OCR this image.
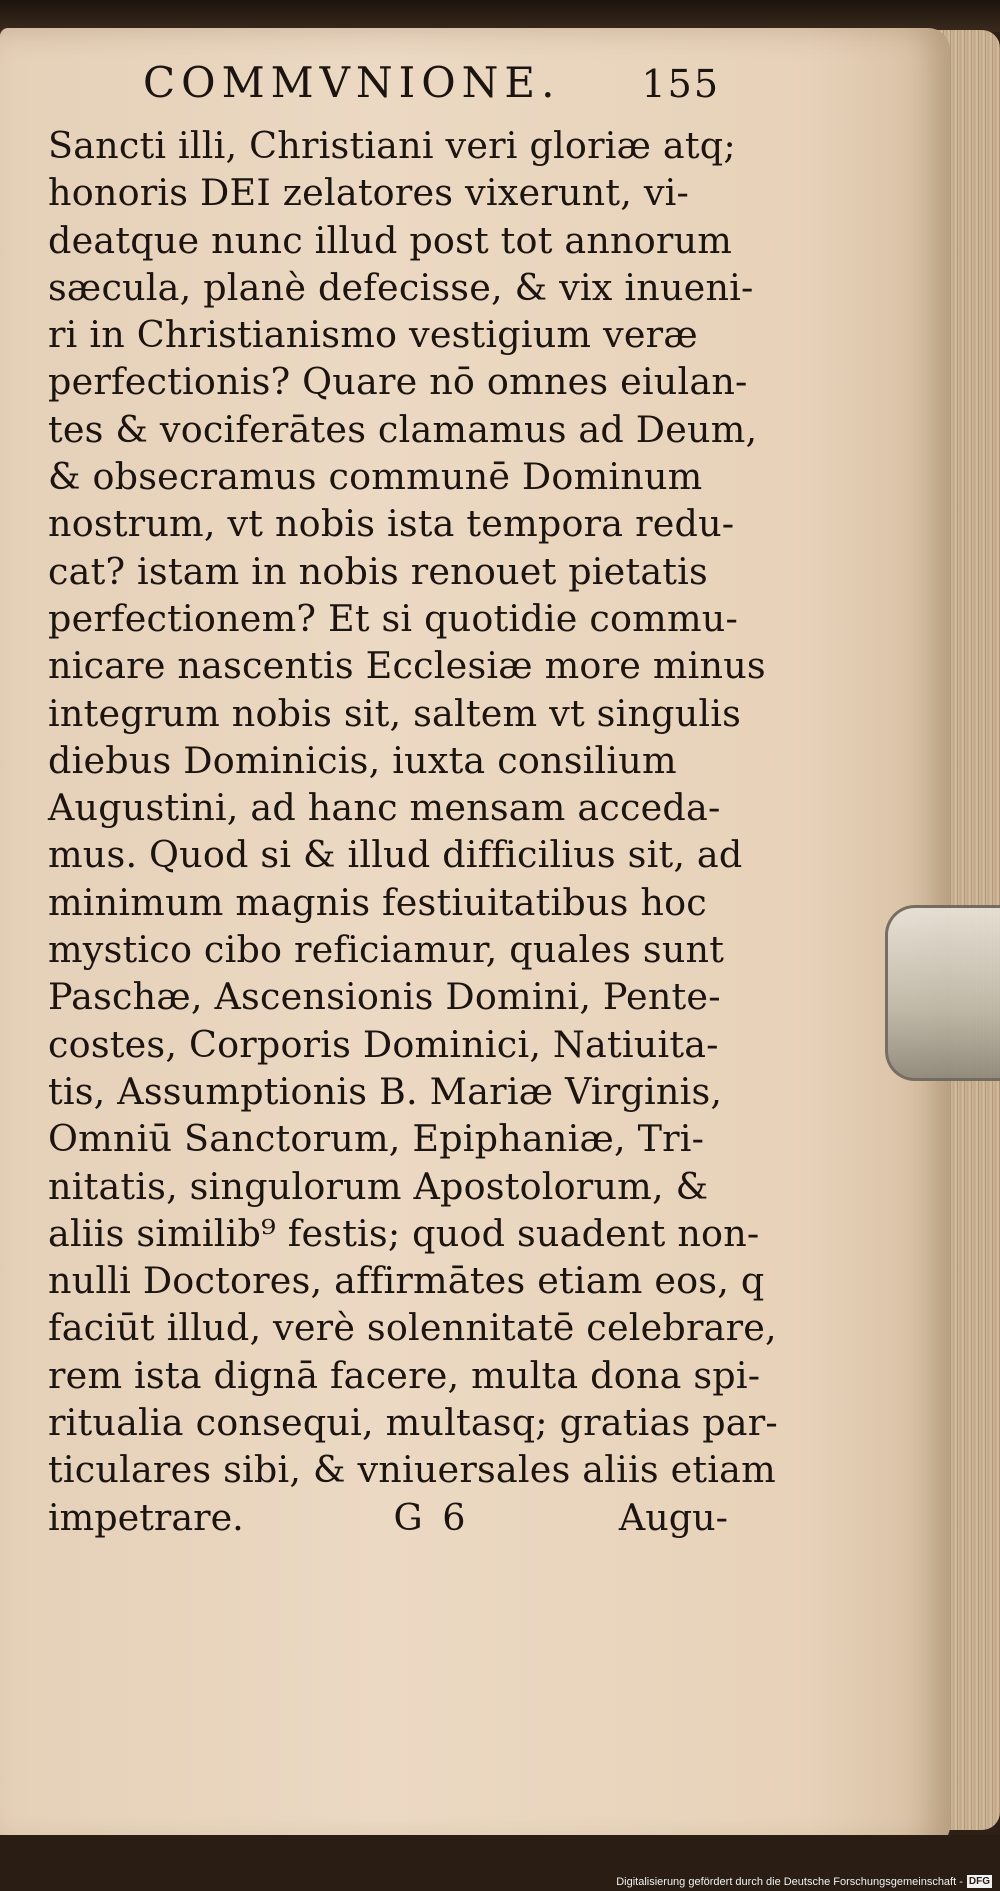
COMMVNIONE. 155
Sancti illi, Christiani veri gloriæ atq;
honoris DEI zelatores vixerunt, vi-
deatque nunc illud post tot annorum
sæcula, planè defecisse, & vix inueni-
ri in Christianismo vestigium veræ
perfectionis? Quare nō omnes eiulan-
tes & vociferātes clamamus ad Deum,
& obsecramus communē Dominum
nostrum, vt nobis ista tempora redu-
cat? istam in nobis renouet pietatis
perfectionem? Et si quotidie commu-
nicare nascentis Ecclesiæ more minus
integrum nobis sit, saltem vt singulis
diebus Dominicis, iuxta consilium
Augustini, ad hanc mensam acceda-
mus. Quod si & illud difficilius sit, ad
minimum magnis festiuitatibus hoc
mystico cibo reficiamur, quales sunt
Paschæ, Ascensionis Domini, Pente-
costes, Corporis Dominici, Natiuita-
tis, Assumptionis B. Mariæ Virginis,
Omniū Sanctorum, Epiphaniæ, Tri-
nitatis, singulorum Apostolorum, &
aliis similib⁹ festis; quod suadent non-
nulli Doctores, affirmātes etiam eos, q
faciūt illud, verè solennitatē celebrare,
rem ista dignā facere, multa dona spi-
ritualia consequi, multasq; gratias par-
ticulares sibi, & vniuersales aliis etiam
impetrare.	G 6	Augu-
Digitalisierung gefördert durch die Deutsche Forschungsgemeinschaft - DFG
